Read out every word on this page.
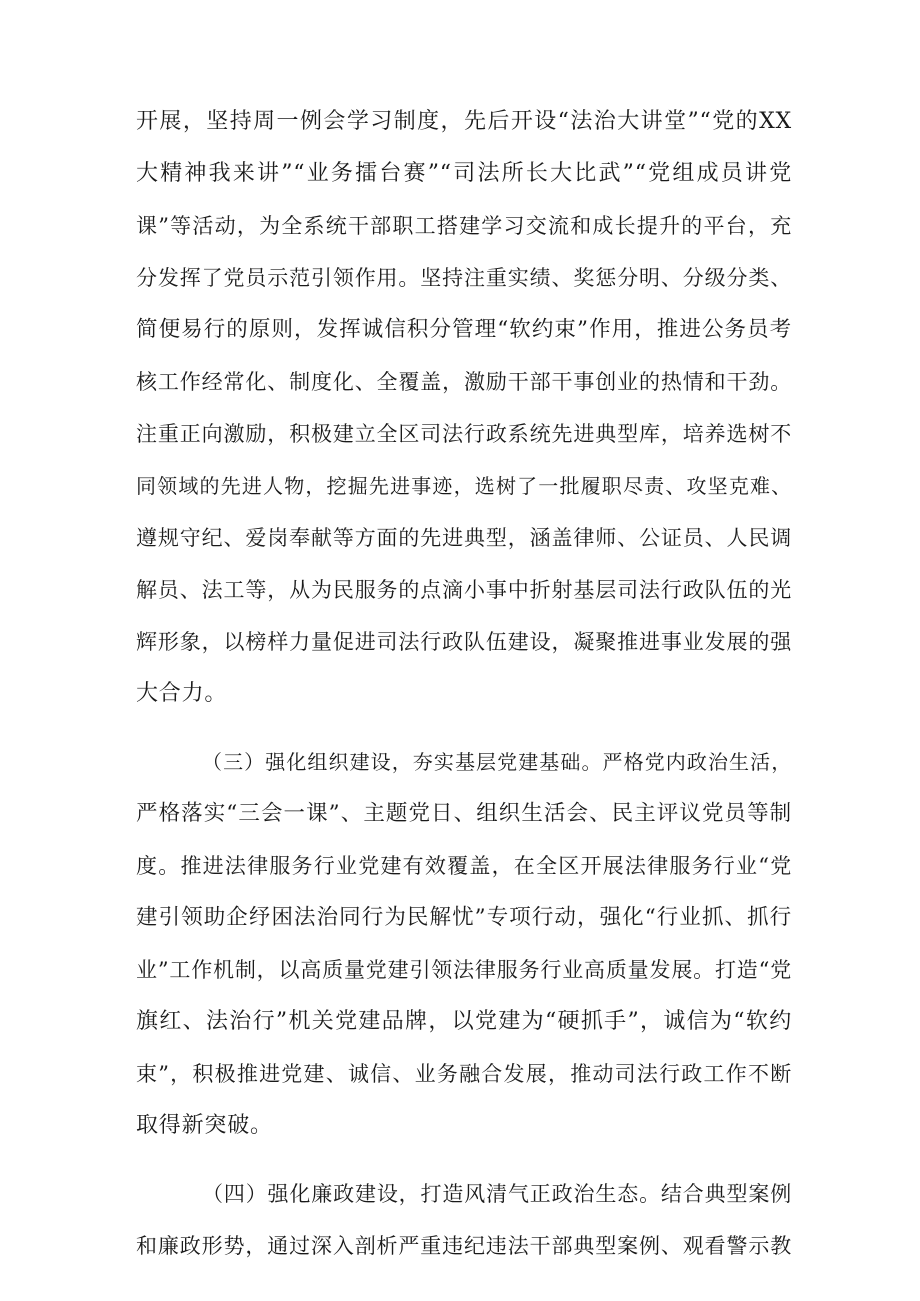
开展，坚持周一例会学习制度，先后开设“法治大讲堂”“党的XX
大精神我来讲”“业务擂台赛”“司法所长大比武”“党组成员讲党
课”等活动，为全系统干部职工搭建学习交流和成长提升的平台，充
分发挥了党员示范引领作用。坚持注重实绩、奖惩分明、分级分类、
简便易行的原则，发挥诚信积分管理“软约束”作用，推进公务员考
核工作经常化、制度化、全覆盖，激励干部干事创业的热情和干劲。
注重正向激励，积极建立全区司法行政系统先进典型库，培养选树不
同领域的先进人物，挖掘先进事迹，选树了一批履职尽责、攻坚克难、
遵规守纪、爱岗奉献等方面的先进典型，涵盖律师、公证员、人民调
解员、法工等，从为民服务的点滴小事中折射基层司法行政队伍的光
辉形象，以榜样力量促进司法行政队伍建设，凝聚推进事业发展的强
大合力。
（三）强化组织建设，夯实基层党建基础。严格党内政治生活，
严格落实“三会一课”、主题党日、组织生活会、民主评议党员等制
度。推进法律服务行业党建有效覆盖，在全区开展法律服务行业“党
建引领助企纾困法治同行为民解忧”专项行动，强化“行业抓、抓行
业”工作机制，以高质量党建引领法律服务行业高质量发展。打造“党
旗红、法治行”机关党建品牌，以党建为“硬抓手”，诚信为“软约
束”，积极推进党建、诚信、业务融合发展，推动司法行政工作不断
取得新突破。
（四）强化廉政建设，打造风清气正政治生态。结合典型案例
和廉政形势，通过深入剖析严重违纪违法干部典型案例、观看警示教
